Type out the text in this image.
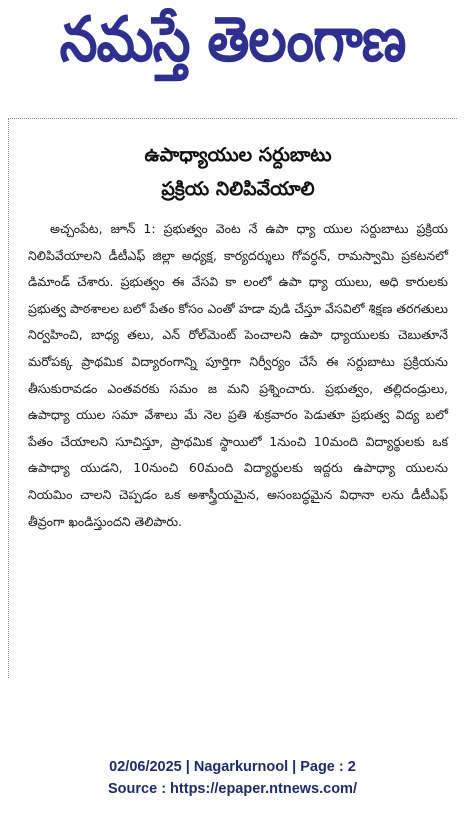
నమస్తే తెలంగాణ
ఉపాధ్యాయుల సర్దుబాటు
ప్రక్రియ నిలిపివేయాలి

అచ్చంపేట, జూన్ 1: ప్రభుత్వం వెంట నే ఉపా ధ్యా యుల సర్దుబాటు ప్రక్రియ నిలిపివేయాలని డీటీఎఫ్ జిల్లా అధ్యక్ష, కార్యదర్శులు గోవర్ధన్, రామస్వామి ప్రకటనలో డిమాండ్ చేశారు. ప్రభుత్వం ఈ వేసవి కా లంలో ఉపా ధ్యా యులు, అధి కారులకు ప్రభుత్వ పాఠశాలల బలో పేతం కోసం ఎంతో హడా వుడి చేస్తూ వేసవిలో శిక్షణ తరగతులు నిర్వహించి, బాధ్య తలు, ఎన్ రోల్‌మెంట్ పెంచాలని ఉపా ధ్యాయులకు చెబుతూనే మరోపక్క ప్రాథమిక విద్యారంగాన్ని పూర్తిగా నిర్వీర్యం చేసే ఈ సర్దుబాటు ప్రక్రియను తీసుకురావడం ఎంతవరకు సమం జ మని ప్రశ్నించారు. ప్రభుత్వం, తల్లిదండ్రులు, ఉపాధ్యా యుల సమా వేశాలు మే నెల ప్రతి శుక్రవారం పెడుతూ ప్రభుత్వ విద్య బలో పేతం చేయాలని సూచిస్తూ, ప్రాథమిక స్థాయిలో 1నుంచి 10మంది విద్యార్థులకు ఒక ఉపాధ్యా యుడని, 10నుంచి 60మంది విద్యార్థులకు ఇద్దరు ఉపాధ్యా యులను నియమిం చాలని చెప్పడం ఒక అశాస్త్రీయమైన, అసంబద్ధమైన విధానా లను డీటీఎఫ్ తీవ్రంగా ఖండిస్తుందని తెలిపారు.

02/06/2025 | Nagarkurnool | Page : 2
Source : https://epaper.ntnews.com/
